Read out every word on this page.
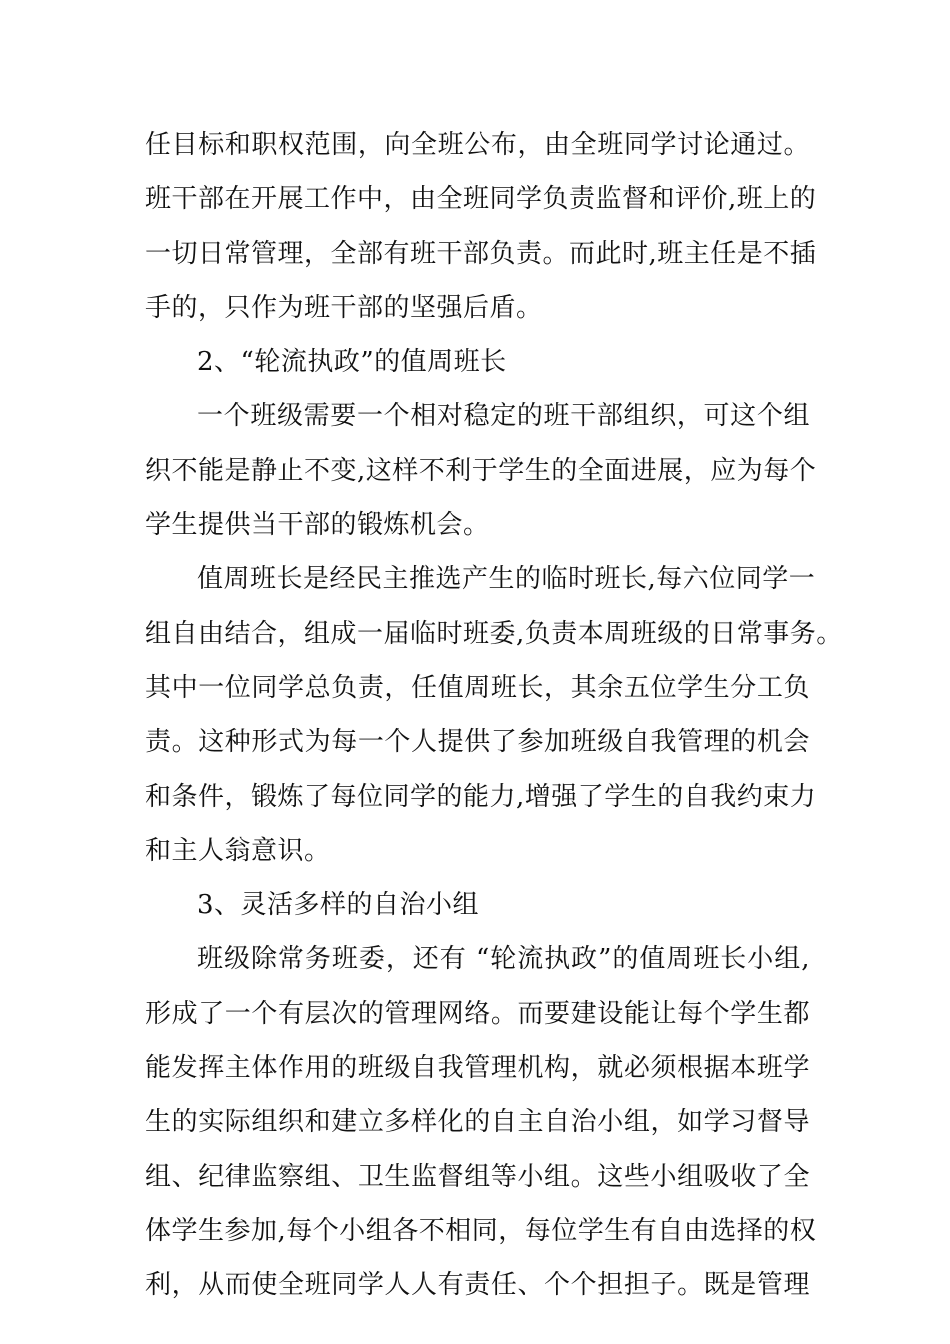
任目标和职权范围，向全班公布，由全班同学讨论通过。
班干部在开展工作中，由全班同学负责监督和评价,班上的
一切日常管理，全部有班干部负责。而此时,班主任是不插
手的，只作为班干部的坚强后盾。
2、“轮流执政”的值周班长
一个班级需要一个相对稳定的班干部组织，可这个组
织不能是静止不变,这样不利于学生的全面进展，应为每个
学生提供当干部的锻炼机会。
值周班长是经民主推选产生的临时班长,每六位同学一
组自由结合，组成一届临时班委,负责本周班级的日常事务。
其中一位同学总负责，任值周班长，其余五位学生分工负
责。这种形式为每一个人提供了参加班级自我管理的机会
和条件，锻炼了每位同学的能力,增强了学生的自我约束力
和主人翁意识。
3、灵活多样的自治小组
班级除常务班委，还有 “轮流执政”的值周班长小组,
形成了一个有层次的管理网络。而要建设能让每个学生都
能发挥主体作用的班级自我管理机构，就必须根据本班学
生的实际组织和建立多样化的自主自治小组，如学习督导
组、纪律监察组、卫生监督组等小组。这些小组吸收了全
体学生参加,每个小组各不相同，每位学生有自由选择的权
利，从而使全班同学人人有责任、个个担担子。既是管理
